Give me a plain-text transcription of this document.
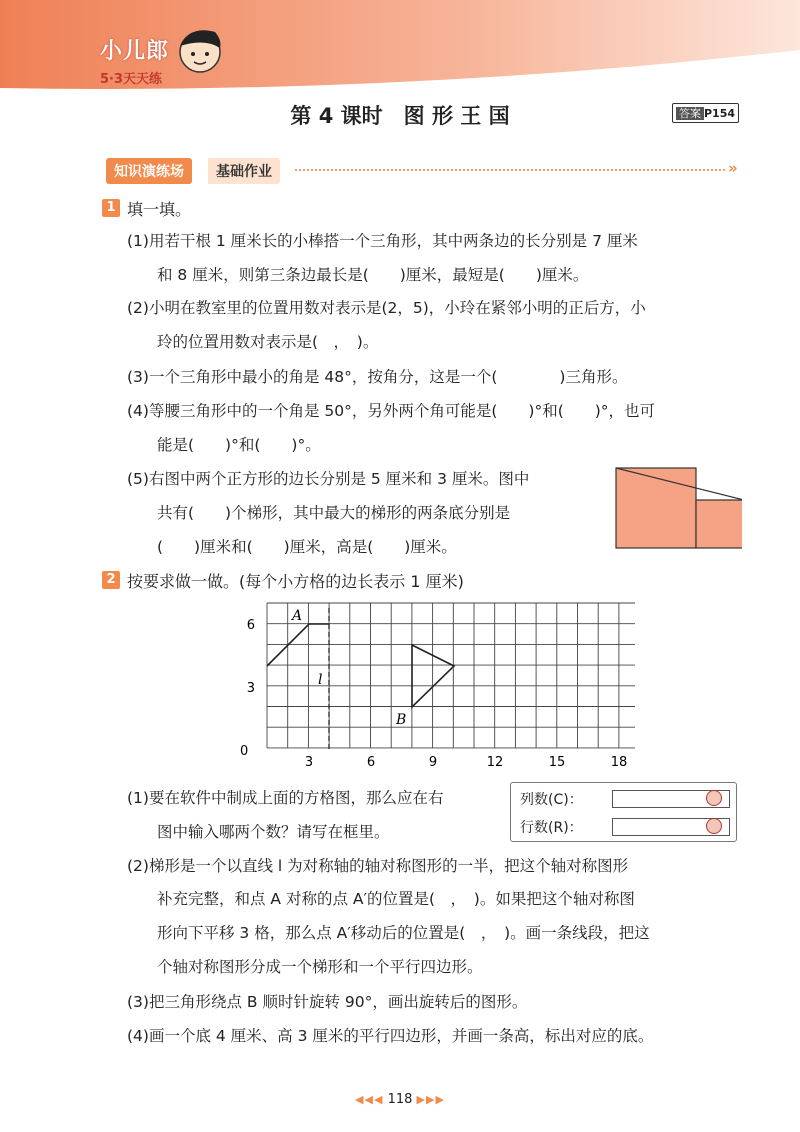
小儿郎
5·3天天练
第 4 课时　图 形 王 国	答案 P154
知识演练场	基础作业	»
1 填一填。
(1)用若干根 1 厘米长的小棒搭一个三角形，其中两条边的长分别是 7 厘米
和 8 厘米，则第三条边最长是(　　)厘米，最短是(　　)厘米。
(2)小明在教室里的位置用数对表示是(2，5)，小玲在紧邻小明的正后方，小
玲的位置用数对表示是(　，　)。
(3)一个三角形中最小的角是 48°，按角分，这是一个(　　　　)三角形。
(4)等腰三角形中的一个角是 50°，另外两个角可能是(　　)°和(　　)°，也可
能是(　　)°和(　　)°。
(5)右图中两个正方形的边长分别是 5 厘米和 3 厘米。图中
共有(　　)个梯形，其中最大的梯形的两条底分别是
(　　)厘米和(　　)厘米，高是(　　)厘米。
2 按要求做一做。(每个小方格的边长表示 1 厘米)
6
3
0
3	6	9	12	15	18
A
B
l
(1)要在软件中制成上面的方格图，那么应在右
图中输入哪两个数？请写在框里。
列数(C)：
行数(R)：
(2)梯形是一个以直线 l 为对称轴的轴对称图形的一半，把这个轴对称图形
补充完整，和点 A 对称的点 A′的位置是(　，　)。如果把这个轴对称图
形向下平移 3 格，那么点 A′移动后的位置是(　，　)。画一条线段，把这
个轴对称图形分成一个梯形和一个平行四边形。
(3)把三角形绕点 B 顺时针旋转 90°，画出旋转后的图形。
(4)画一个底 4 厘米、高 3 厘米的平行四边形，并画一条高，标出对应的底。
◀◀◀ 118 ▶▶▶
